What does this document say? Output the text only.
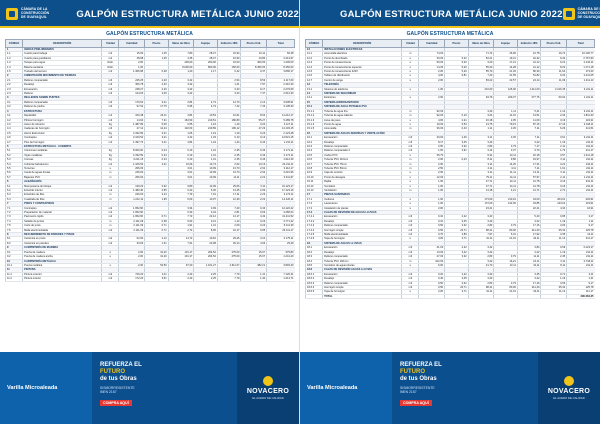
CÁMARA DE LA
CONSTRUCCIÓN
DE GUAYAQUIL	GALPÓN ESTRUCTURA METÁLICA JUNIO 2022
GALPÓN ESTRUCTURA METÁLICA
CÓDIGO	DESCRIPCIÓN	Unidad	Cantidad	Precio	Mano de Obra	Equipo	Indirecto 18%	Precio Unit.	Total
1	OBRAS PRELIMINARES								
1.1	Cuarto para bodega	m2	15,00	1,25	7,80	28,47	10,94	10,11	66,48
1.2	Cuarto para guardianía	m2	48,98	1,25	4,35	28,47	10,93	10,80	3.414,97
1.3	Tanque para agua	Glob.	2,00		200,00	200,00	10,00	400,00	1.200,00
1.4	Batería sanitaria	Glob.	1,00		8.000,00	800,00	150,00	8.450,00	8.450,00
1.5	Trazado del terreno	m2	1.366,68	0,48	1,20	1,17	0,42	0,37	3.896,17
2	CIMENTACIÓN MOVIMIENTO DE TIERRAS								
2.1	Relleno compactado	m3	225,25	2,20	3,42		2,54	8,53	2.117,60
2.2	Desalojo	m3	306,78	2,20	3,42		1,21	7,97	2.310,30
2.3	Excavación	m3	248,27	2,20	3,42		3,43	9,17	2.276,69
2.4	Relleno	m3	124,00	3,45	3,42		3,23	7,47	2.912,30
3	RELLENOS SOBRE PUNTES								
3.1	Relleno compactado	m3	170,62	3,21	2,84	4,73	14,70	2,14	3.938,91
3.2	Relleno de piedra	m3	97,62	17,75	0,95	4,73	7,42	7,43	3.138,30
4	ESTRUCTURA								
4.1	Replantillo	m2	100,48	24,11	4,84	10,53	10,61	8,62	11.212,17
4.2	Plintos hormigón	m3	14,94	7,31	164,53	210,51	180,80	55,27	5.489,78
4.3	Acero de refuerzo	Kg	1.387,99	5,09	0,55	1,16	1,19	0,20	2.117,11
4.4	Cadenas de hormigón	m3	27,12	12,24	132,63	219,89	196,12	47,23	14.103,15
4.5	Hierro Estructural	Kg	4.332,59	3,21	1,06	1,19	1,19	0,23	2.123,48
4.6	Contrapiso	m2	3.100,54	3,21	3,42	1,33	0,13	0,13	14.521,15
4.7	Piso de hormigón	m2	1.397,74	3,21	4,84	1,44	1,44	0,44	1.211,11
5	ESTRUCTURA METÁLICA - CUBIERTA								
5.1	Columnas metálicas	Kg	8.000,00	0,24	0,13	1,31	2,35	0,43	2.171,11
5.2	Vigas metálicas	Kg	4.332,59	0,24	0,13	1,31	2,35	0,43	2.171,11
5.3	Correas	Kg	3.211,15	0,24	0,13	1,31	2,35	0,43	1.912,30
5.4	Cubierta Galvalumen	m2	1.106,53	3,21	10,09	13,73	2,62	13,13	22.211,11
5.5	Tensores	u	266,00		3,01	10,09	13,73	2,62	3.112,17
5.6	Canal de aguas lluvias	m	246,00		3,01	10,09	13,73	2,62	3.210,96
5.7	Bajantes PVC	m	266,00		3,01	10,09	11,11	2,22	3.211,97
6	ALBAÑILERÍA								
6.1	Mampostería de bloque	m2	130,20	2,62	9,80	12,09	25,06	3,11	31.123,17
6.2	Enlucido interior	m2	1.480,40	2,55	0,22	6,30	13,45	2,93	17.123,16
6.3	Enlucidos de filos	m	240,00	3,13	7,79	7,01	17,11	2,23	3.174,11
6.4	Cuadrada de filos	m	1.212,11	1,95	6,63	10,07	12,30	2,22	14.120,11
7	PISOS Y CONTRAPISOS								
7.1	Contrapiso	m2	1.652,60		3,34	3,09	7,43	0,43	14.122,22
7.2	Preparación de material	m2	1.652,60		0,33	3,44	2,81	0,63	3.280,04
7.3	Pavimento rígido	m2	1.652,60	6,71	7,72	22,12	14,17	4,42	41.211,52
7.4	Sellado de juntas	m	2.111,09	0,38	6,63	0,21	1,13	0,23	3.771,22
7.5	Corte de junta	m	2.111,09	0,71	1,91	1,31	2,09	0,23	5.111,39
7.6	Malla electrosoldada	m2	2.111,09	0,71	2,72	8,06	10,17	0,95	23.111,17
8	RECUBRIMIENTO DE PAREDES Y PISOS								
8.1	Cerámica en pisos	m2	62,90	2,12	14,72	10,62	29,26	3,10	2.175,11
8.2	Cerámica en paredes	m2	33,66	1,31	7,91	20,08	26,14	4,93	29,49
9	CARPINTERÍA DE MADERA								
9.1	Puerta de madera	u	2,00	31,20	101,17	204,52	475,00	15,07	675,80
9.2	Puerta de madera ancha	u	2,00	31,20	101,17	204,52	475,00	15,07	1.241,23
10	CARPINTERÍA METÁLICA								
10.1	Puerta metálica	u	2,00	52,50	97,20	1.161,27	2.611,07	482,21	3.893,30
11	PINTURA								
11.1	Pintura exterior	m2	720,20	3,11	2,43	2,25	7,79	1,41	7.126,41
11.2	Pintura interior	m2	172,20	3,51	2,43	2,25	7,79	1,40	1.214,71
Varilla Microaleada
REFUERZA EL
FUTURO
de tus Obras
SISMORRESISTENTE
INEN 2167
COMPRA AQUÍ
NOVACERO
EL ACERO DE CALIDAD
GALPÓN ESTRUCTURA METÁLICA JUNIO 2022	CÁMARA DE LA
CONSTRUCCIÓN
DE GUAYAQUIL
GALPÓN ESTRUCTURA METÁLICA
CÓDIGO	DESCRIPCIÓN	Unidad	Cantidad	Precio	Mano de Obra	Equipo	Indirecto 18%	Precio Unit.	Total
12	INSTALACIONES ELÉCTRICAS								
12.1	Acometida eléctrica	m	74,00		71,73	26,90	10,78	19,74	10.100,77
12.2	Punto de alumbrado	u	30,00	6,22	52,21	19,41	42,32	9,34	2.767,90
12.3	Punto de tomacorriente	u	50,00	5,20	3,20	17,21	41,12	6,22	2.134,11
12.4	Punto de tomacorriente especial	u	14,00	5,20	55,20	14,28	41,12	8,20	1.171,18
12.5	Punto de tomacorriente 220V	u	2,00	5,20	55,70	21,32	80,30	11,64	173,23
12.6	Tablero de distribución	u	4,00	6,81	7,20	31,55	51,82	9,34	2.211,05
12.7	Centro de carga	u	2,00		83,22	22,57	24,14	11,09	1.211,13
13	TELEFONÍA								
13.1	Sistema de telefonía	u	1,00		210,00	126,00	1.211,00	3.216,45	3.211,11
14	SISTEMA DE SEGURIDAD								
14.1	Extintores	u	2,00		94,79	229,37	377,76	60,04	1.211,11
15	SISTEMA HIDROSANITARIO								
15.1	SISTEMA DE AGUA POTABLE PVC								
15.1.1	Tubería de agua fría	m	92,00		3,43	1,11	5,41	1,12	3.211,11
15.1.2	Tubería de agua caliente	m	92,00	0,19	3,24	11,01	13,51	2,34	1.811,33
15.1.3	Llave de paso	u	4,00	2,21	16,18	2,35	11,09	3,19	134,31
15.1.4	Punto de agua	u	19,00	6,53	13,75	79,15	87,16	17,16	2.118,11
15.1.5	Acometida	m	36,00	0,43	1,11	3,45	7,11	6,29	211,51
16	SISTEMA DE AGUAS SERVIDAS Y VENTILACIÓN								
16.1	Excavación	m3	20,00	4,49	3,11	3,45	7,11	3,61	3.211,11
16.2	Desalojo	m3	8,17	3,45	3,43		4,22	1,19	211,11
16.3	Relleno compactado	m3	2,50	3,32	2,83	3,79	7,17	2,11	211,11
16.4	Relleno compactado 2	m3	1,00	3,91	3,12	2,37	9,79	1,76	211,17
16.5	Codos PVC	u	35,70		9,31	13,11	22,18	3,57	1.211,18
16.6	Tubería PVC 110mm	m	2,00	0,43	8,11	9,80	19,97	3,11	211,11
16.7	Tubería PVC 75mm	m	2,00		3,11	14,20	17,31	3,22	134,11
16.8	Tubería PVC 50mm	m	2,50		4,11	4,11	7,11	1,61	211,11
16.9	Caja de revisión	u	2,00		3,11	11,11	14,11	3,11	211,11
16.10	Punto de desagüe	u	12,00		79,11	14,11	57,97	2,11	1.211,11
16.11	Rejilla	u	1,00		27,71	14,11	41,78	3,16	231,11
16.12	Sumidero	u	1,00		27,71	14,11	41,78	3,16	211,11
16.13	Ventilación	m	1,00		14,18	4,21	14,71	2,74	211,11
17	PIEZAS SANITARIAS								
17.1	Inodoros	u	1,00		173,09	210,91	34,00	204,91	204,91
17.2	Lavamanos	u	1,00		172,00	142,00	43,85	143,91	143,91
17.3	Instalación de piezas	u	2,00		23,41		22,41	4,34	44,91
17.4	CAJAS DE REVISIÓN DE AGUAS LLUVIAS								
17.4.1	Excavación	m3	0,10	2,22	3,43		5,43	0,95	3,17
17.4.2	Desalojo	m3	0,10	3,45	3,43		4,22	1,19	1,11
17.4.3	Relleno compactado	m3	0,50	3,32	2,83	3,79	17,16	3,06	9,17
17.4.4	Hormigón simple	m3	0,50	23,71	98,41	80,00	211,20	35,34	125,78
17.4.5	Malla electrosoldada	m2	0,70	4,89	7,97	5,01	17,92	3,35	13,11
17.4.6	Tapa de hormigón	u	4,00	3,71	41,11	21,01	43,11	11,12	211,17
18	SISTEMA DE AGUAS LLUVIAS								
18.1	Excavación	m3	41,00	2,22	3,42		3,84	0,69	3.123,17
18.2	Desalojo	m3	13,00	3,42	3,42		4,22	1,19	211,11
18.3	Relleno compactado	m3	27,00	3,32	2,83	3,79	11,11	2,45	211,11
18.4	Tubería PVC 160mm	m	102,00		3,42	16,21	22,11	3,11	2.718,11
18.5	Sumidero de aguas lluvias	u	6,00		21,73	13,11	42,11	8,11	211,11
18.6	CAJAS DE REVISIÓN AGUAS LLUVIAS								
18.6.1	Excavación	m3	0,20	2,22	3,43		3,45	0,71	3,11
18.6.2	Desalojo	m3	0,40	3,45	3,43		4,22	1,19	1,41
18.6.3	Relleno compactado	m3	0,50	3,32	2,83	3,79	17,16	3,06	9,17
18.6.4	Hormigón simple	m3	0,50	23,71	98,41	80,00	211,20	35,34	125,78
18.6.5	Tapa de hormigón	u	2,00	3,71	41,11	21,01	43,11	11,12	111,17
	TOTAL								396.263,35
Varilla Microaleada
REFUERZA EL
FUTURO
de tus Obras
SISMORRESISTENTE
INEN 2167
COMPRA AQUÍ
NOVACERO
EL ACERO DE CALIDAD
